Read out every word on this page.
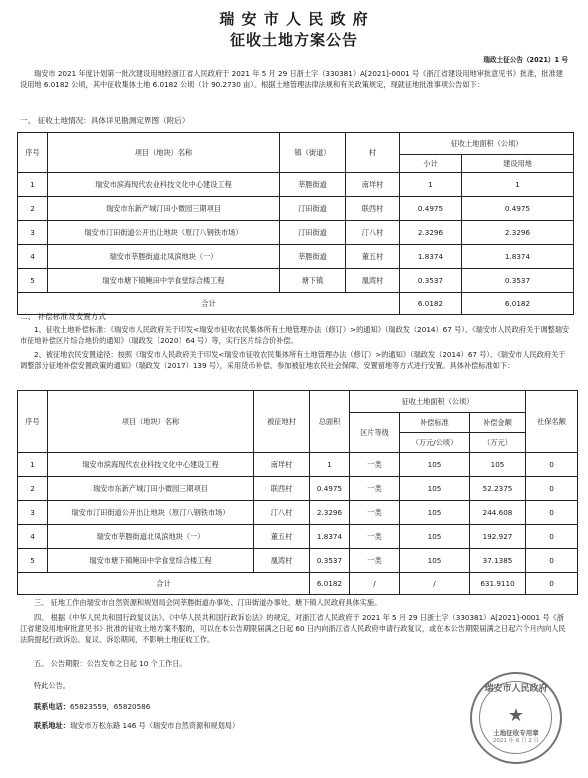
瑞 安 市 人 民 政 府
征收土地方案公告
瑞政土征公告（2021）1 号
瑞安市 2021 年度计划第一批次建设用地经浙江省人民政府于 2021 年 5 月 29 日浙土字（330381）A[2021]-0001 号《浙江省建设用地审批意见书》批准，批准建设用地 6.0182 公顷，其中征收集体土地 6.0182 公顷（计 90.2730 亩）。根据土地管理法律法规和有关政策规定，现就征地批准事项公告如下：
一、 征收土地情况：具体详见勘测定界图（附后）
序号	项目（地块）名称	镇（街道）	村	征收土地面积（公顷）	
				小计	建设用地
1	瑞安市滨海现代农业科技文化中心建设工程	莘塍街道	南垟村	1	1
2	瑞安市东新产城汀田小微园三期项目	汀田街道	联西村	0.4975	0.4975
3	瑞安市汀田街道公开出让地块（原汀八钢铁市场）	汀田街道	汀八村	2.3296	2.3296
4	瑞安市莘塍街道北凤滨地块（一）	莘塍街道	董五村	1.8374	1.8374
5	瑞安市塘下镇鲍田中学食堂综合楼工程	塘下镇	凰湾村	0.3537	0.3537
合计				6.0182	6.0182
二、 补偿标准及安置方式
1、征收土地补偿标准：《瑞安市人民政府关于印发<瑞安市征收农民集体所有土地管理办法（修订）>的通知》（瑞政发（2014）67 号）、《瑞安市人民政府关于调整瑞安市征地补偿区片综合地价的通知》（瑞政发〔2020〕64 号）等，实行区片综合价补偿。
2、被征地农民安置途径：按照《瑞安市人民政府关于印发<瑞安市征收农民集体所有土地管理办法（修订）>的通知》（瑞政发（2014）67 号）、《瑞安市人民政府关于调整部分征地补偿安置政策的通知》（瑞政发（2017）139 号），采用货币补偿、参加被征地农民社会保障、安置留地等方式进行安置。具体补偿标准如下：
序号	项目（地块）名称	被征地村	总面积	征收土地面积（公顷）			社保名额
				区片等级	补偿标准	补偿金额	
					（万元/公顷）	（万元）	
1	瑞安市滨海现代农业科技文化中心建设工程	南垟村	1	一类	105	105	0
2	瑞安市东新产城汀田小微园三期项目	联西村	0.4975	一类	105	52.2375	0
3	瑞安市汀田街道公开出让地块（原汀八钢铁市场）	汀八村	2.3296	一类	105	244.608	0
4	瑞安市莘塍街道北凤滨地块（一）	董五村	1.8374	一类	105	192.927	0
5	瑞安市塘下镇鲍田中学食堂综合楼工程	凰湾村	0.3537	一类	105	37.1385	0
合计			6.0182	/	/	631.9110	0
三、 征地工作由瑞安市自然资源和规划局会同莘塍街道办事处、汀田街道办事处、塘下镇人民政府具体实施。
四、 根据《中华人民共和国行政复议法》、《中华人民共和国行政诉讼法》的规定，对浙江省人民政府于 2021 年 5 月 29 日浙土字（330381）A[2021]-0001 号《浙江省建设用地审批意见书》批准的征收土地方案不服的，可以在本公告期限届满之日起 60 日内向浙江省人民政府申请行政复议，或在本公告期限届满之日起六个月内向人民法院提起行政诉讼。复议、诉讼期间，不影响土地征收工作。
五、 公告期限：公告发布之日起 10 个工作日。
特此公告。
联系电话：65823559，65820586
联系地址：瑞安市万松东路 146 号（瑞安市自然资源和规划局）
瑞安市人民政府
★
土地征收专用章
2021 年 6 月 2 日
